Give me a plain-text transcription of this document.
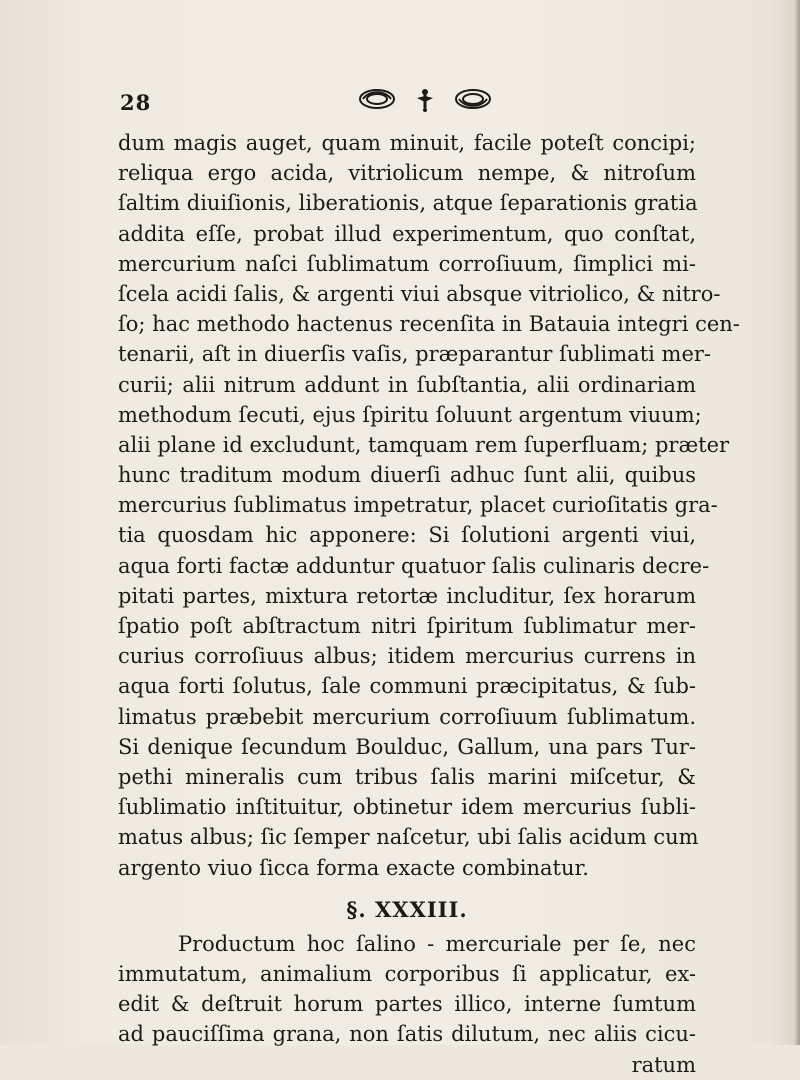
28
dum magis auget, quam minuit, facile poteſt concipi;
reliqua ergo acida, vitriolicum nempe, & nitroſum
ſaltim diuiſionis, liberationis, atque ſeparationis gratia
addita eſſe, probat illud experimentum, quo conſtat,
mercurium naſci ſublimatum corroſiuum, ſimplici mi-
ſcela acidi ſalis, & argenti viui absque vitriolico, & nitro-
ſo; hac methodo hactenus recenſita in Batauia integri cen-
tenarii, aſt in diuerſis vaſis, præparantur ſublimati mer-
curii; alii nitrum addunt in ſubſtantia, alii ordinariam
methodum ſecuti, ejus ſpiritu ſoluunt argentum viuum;
alii plane id excludunt, tamquam rem ſuperfluam; præter
hunc traditum modum diuerſi adhuc ſunt alii, quibus
mercurius ſublimatus impetratur, placet curioſitatis gra-
tia quosdam hic apponere: Si ſolutioni argenti viui,
aqua forti factæ adduntur quatuor ſalis culinaris decre-
pitati partes, mixtura retortæ includitur, ſex horarum
ſpatio poſt abſtractum nitri ſpiritum ſublimatur mer-
curius corroſiuus albus; itidem mercurius currens in
aqua forti ſolutus, ſale communi præcipitatus, & ſub-
limatus præbebit mercurium corroſiuum ſublimatum.
Si denique ſecundum Boulduc, Gallum, una pars Tur-
pethi mineralis cum tribus ſalis marini miſcetur, &
ſublimatio inſtituitur, obtinetur idem mercurius ſubli-
matus albus; ſic ſemper naſcetur, ubi ſalis acidum cum
argento viuo ſicca forma exacte combinatur.
§. XXXIII.
Productum hoc ſalino - mercuriale per ſe, nec
immutatum, animalium corporibus ſi applicatur, ex-
edit & deſtruit horum partes illico, interne ſumtum
ad pauciſſima grana, non ſatis dilutum, nec aliis cicu-
ratum
